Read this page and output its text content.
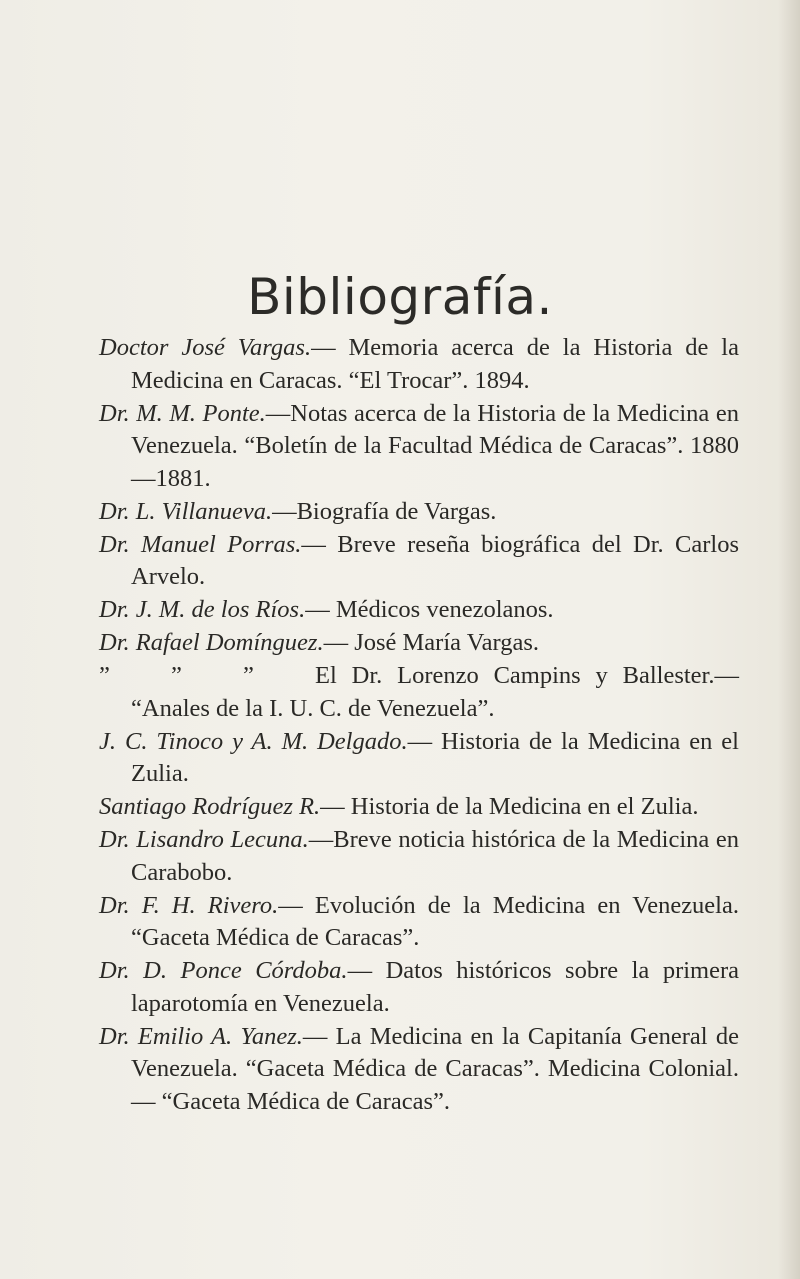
Bibliografía.

Doctor José Vargas.— Memoria acerca de la Historia de la Medicina en Caracas. “El Trocar”. 1894.

Dr. M. M. Ponte.—Notas acerca de la Historia de la Medicina en Venezuela. “Boletín de la Facultad Médica de Caracas”. 1880—1881.

Dr. L. Villanueva.—Biografía de Vargas.

Dr. Manuel Porras.— Breve reseña biográfica del Dr. Carlos Arvelo.

Dr. J. M. de los Ríos.— Médicos venezolanos.

Dr. Rafael Domínguez.— José María Vargas.

” ” ” El Dr. Lorenzo Campins y Ballester.— “Anales de la I. U. C. de Venezuela”.

J. C. Tinoco y A. M. Delgado.— Historia de la Medicina en el Zulia.

Santiago Rodríguez R.— Historia de la Medicina en el Zulia.

Dr. Lisandro Lecuna.—Breve noticia histórica de la Medicina en Carabobo.

Dr. F. H. Rivero.— Evolución de la Medicina en Venezuela. “Gaceta Médica de Caracas”.

Dr. D. Ponce Córdoba.— Datos históricos sobre la primera laparotomía en Venezuela.

Dr. Emilio A. Yanez.— La Medicina en la Capitanía General de Venezuela. “Gaceta Médica de Caracas”. Medicina Colonial.— “Gaceta Médica de Caracas”.
